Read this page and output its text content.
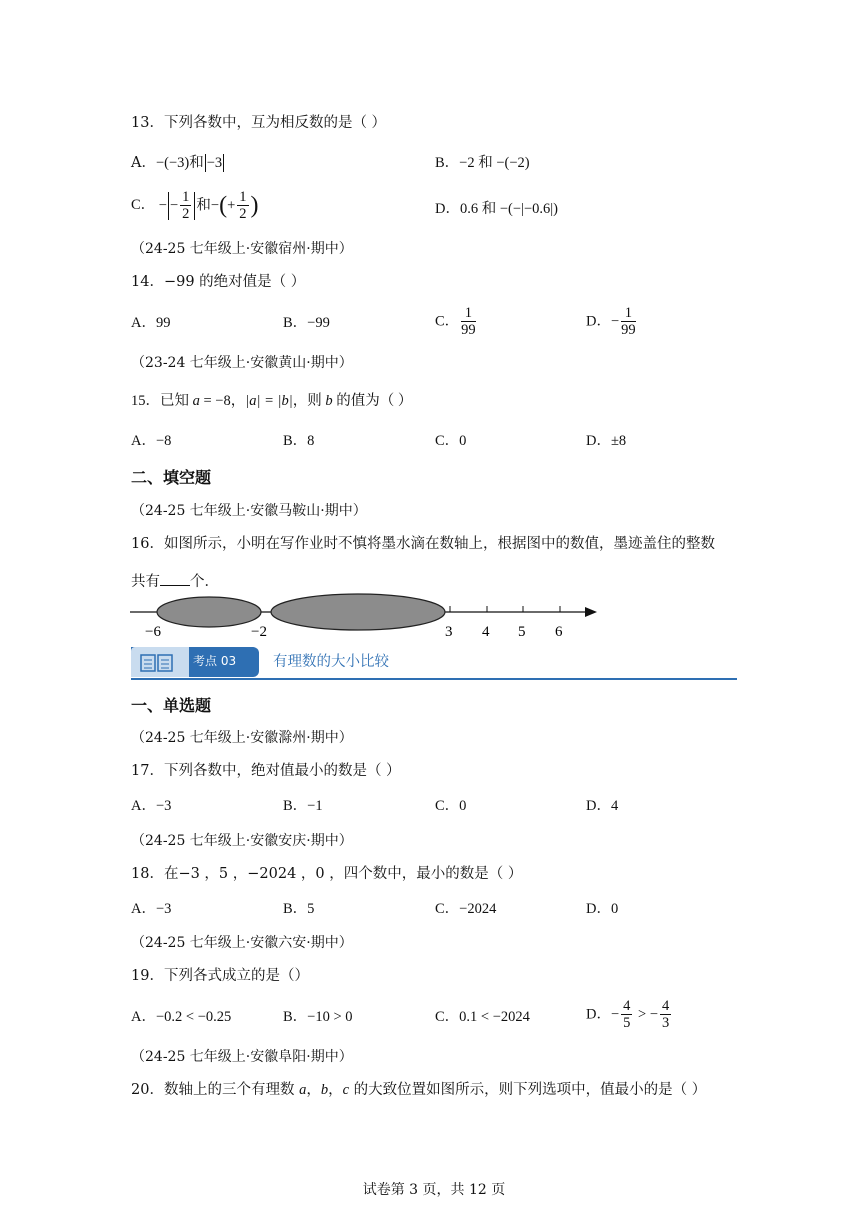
13．下列各数中，互为相反数的是（ ）
A．−(−3)和 −3	B．−2 和 −(−2)
C． − − $\frac{1}{2}$ 和−(+ $\frac{1}{2}$ )	D．0.6 和 −(−|−0.6|)
（24-25 七年级上·安徽宿州·期中）
14．−99 的绝对值是（ ）
A．99	B．−99	C． $\frac{1}{99}$	D．− $\frac{1}{99}$
（23-24 七年级上·安徽黄山·期中）
15．已知 a = −8，|a| = |b|，则 b 的值为（ ）
A．−8	B．8	C．0	D．±8
二、填空题
（24-25 七年级上·安徽马鞍山·期中）
16．如图所示，小明在写作业时不慎将墨水滴在数轴上，根据图中的数值，墨迹盖住的整数
共有 个．
−6	−2	3 4 5 6
考点 03	有理数的大小比较
一、单选题
（24-25 七年级上·安徽滁州·期中）
17．下列各数中，绝对值最小的数是（ ）
A．−3	B．−1	C．0	D．4
（24-25 七年级上·安徽安庆·期中）
18．在−3 ，5 ，−2024 ，0 ，四个数中，最小的数是（ ）
A．−3	B．5	C．−2024	D．0
（24-25 七年级上·安徽六安·期中）
19．下列各式成立的是（）
A．−0.2 < −0.25	B．−10 > 0	C．0.1 < −2024	D．− $\frac{4}{5}$ > − $\frac{4}{3}$
（24-25 七年级上·安徽阜阳·期中）
20．数轴上的三个有理数 a，b，c 的大致位置如图所示，则下列选项中，值最小的是（ ）
试卷第 3 页，共 12 页
